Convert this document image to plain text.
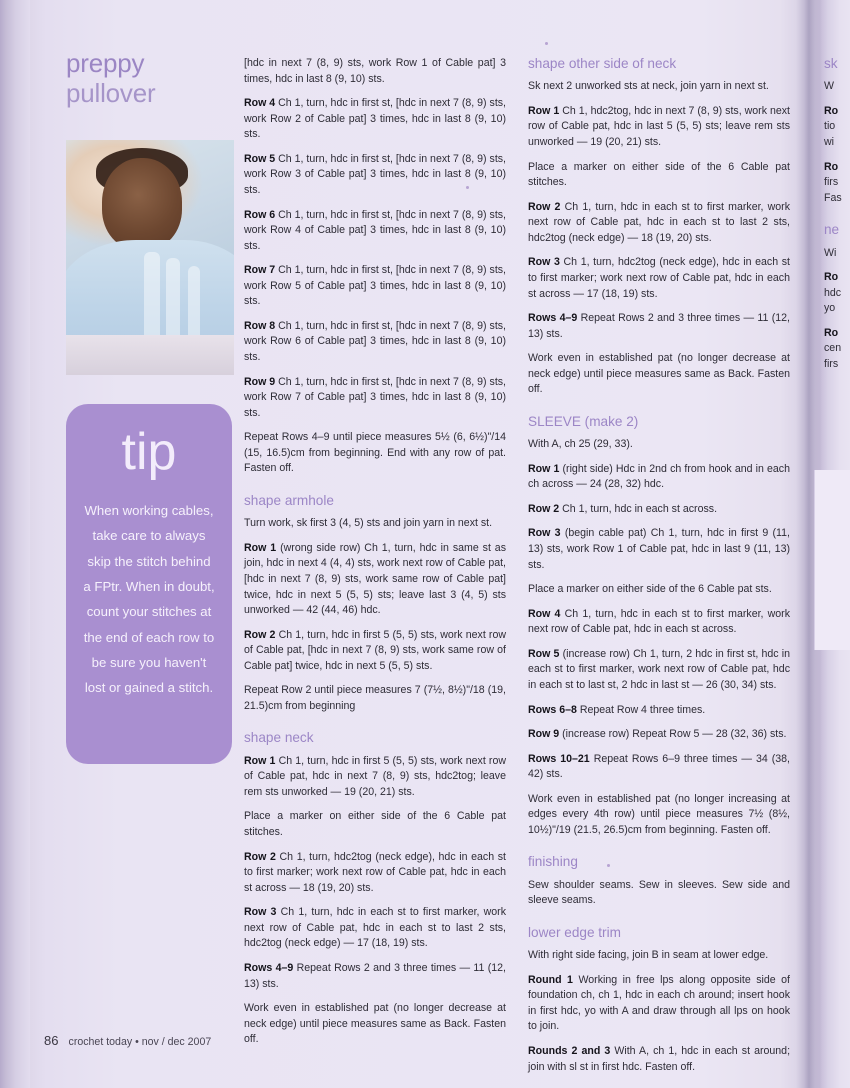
preppy
pullover
tip
When working cables, take care to always skip the stitch behind a FPtr. When in doubt, count your stitches at the end of each row to be sure you haven't lost or gained a stitch.

[hdc in next 7 (8, 9) sts, work Row 1 of Cable pat] 3 times, hdc in last 8 (9, 10) sts.

Row 4 Ch 1, turn, hdc in first st, [hdc in next 7 (8, 9) sts, work Row 2 of Cable pat] 3 times, hdc in last 8 (9, 10) sts.

Row 5 Ch 1, turn, hdc in first st, [hdc in next 7 (8, 9) sts, work Row 3 of Cable pat] 3 times, hdc in last 8 (9, 10) sts.

Row 6 Ch 1, turn, hdc in first st, [hdc in next 7 (8, 9) sts, work Row 4 of Cable pat] 3 times, hdc in last 8 (9, 10) sts.

Row 7 Ch 1, turn, hdc in first st, [hdc in next 7 (8, 9) sts, work Row 5 of Cable pat] 3 times, hdc in last 8 (9, 10) sts.

Row 8 Ch 1, turn, hdc in first st, [hdc in next 7 (8, 9) sts, work Row 6 of Cable pat] 3 times, hdc in last 8 (9, 10) sts.

Row 9 Ch 1, turn, hdc in first st, [hdc in next 7 (8, 9) sts, work Row 7 of Cable pat] 3 times, hdc in last 8 (9, 10) sts.

Repeat Rows 4–9 until piece measures 5½ (6, 6½)"/14 (15, 16.5)cm from beginning. End with any row of pat. Fasten off.

shape armhole

Turn work, sk first 3 (4, 5) sts and join yarn in next st.

Row 1 (wrong side row) Ch 1, turn, hdc in same st as join, hdc in next 4 (4, 4) sts, work next row of Cable pat, [hdc in next 7 (8, 9) sts, work same row of Cable pat] twice, hdc in next 5 (5, 5) sts; leave last 3 (4, 5) sts unworked — 42 (44, 46) hdc.

Row 2 Ch 1, turn, hdc in first 5 (5, 5) sts, work next row of Cable pat, [hdc in next 7 (8, 9) sts, work same row of Cable pat] twice, hdc in next 5 (5, 5) sts.

Repeat Row 2 until piece measures 7 (7½, 8½)"/18 (19, 21.5)cm from beginning

shape neck

Row 1 Ch 1, turn, hdc in first 5 (5, 5) sts, work next row of Cable pat, hdc in next 7 (8, 9) sts, hdc2tog; leave rem sts unworked — 19 (20, 21) sts.

Place a marker on either side of the 6 Cable pat stitches.

Row 2 Ch 1, turn, hdc2tog (neck edge), hdc in each st to first marker; work next row of Cable pat, hdc in each st across — 18 (19, 20) sts.

Row 3 Ch 1, turn, hdc in each st to first marker, work next row of Cable pat, hdc in each st to last 2 sts, hdc2tog (neck edge) — 17 (18, 19) sts.

Rows 4–9 Repeat Rows 2 and 3 three times — 11 (12, 13) sts.

Work even in established pat (no longer decrease at neck edge) until piece measures same as Back. Fasten off.

shape other side of neck

Sk next 2 unworked sts at neck, join yarn in next st.

Row 1 Ch 1, hdc2tog, hdc in next 7 (8, 9) sts, work next row of Cable pat, hdc in last 5 (5, 5) sts; leave rem sts unworked — 19 (20, 21) sts.

Place a marker on either side of the 6 Cable pat stitches.

Row 2 Ch 1, turn, hdc in each st to first marker, work next row of Cable pat, hdc in each st to last 2 sts, hdc2tog (neck edge) — 18 (19, 20) sts.

Row 3 Ch 1, turn, hdc2tog (neck edge), hdc in each st to first marker; work next row of Cable pat, hdc in each st across — 17 (18, 19) sts.

Rows 4–9 Repeat Rows 2 and 3 three times — 11 (12, 13) sts.

Work even in established pat (no longer decrease at neck edge) until piece measures same as Back. Fasten off.

SLEEVE (make 2)

With A, ch 25 (29, 33).

Row 1 (right side) Hdc in 2nd ch from hook and in each ch across — 24 (28, 32) hdc.

Row 2 Ch 1, turn, hdc in each st across.

Row 3 (begin cable pat) Ch 1, turn, hdc in first 9 (11, 13) sts, work Row 1 of Cable pat, hdc in last 9 (11, 13) sts.

Place a marker on either side of the 6 Cable pat sts.

Row 4 Ch 1, turn, hdc in each st to first marker, work next row of Cable pat, hdc in each st across.

Row 5 (increase row) Ch 1, turn, 2 hdc in first st, hdc in each st to first marker, work next row of Cable pat, hdc in each st to last st, 2 hdc in last st — 26 (30, 34) sts.

Rows 6–8 Repeat Row 4 three times.

Row 9 (increase row) Repeat Row 5 — 28 (32, 36) sts.

Rows 10–21 Repeat Rows 6–9 three times — 34 (38, 42) sts.

Work even in established pat (no longer increasing at edges every 4th row) until piece measures 7½ (8½, 10½)"/19 (21.5, 26.5)cm from beginning. Fasten off.

finishing

Sew shoulder seams. Sew in sleeves. Sew side and sleeve seams.

lower edge trim

With right side facing, join B in seam at lower edge.

Round 1 Working in free lps along opposite side of foundation ch, ch 1, hdc in each ch around; insert hook in first hdc, yo with A and draw through all lps on hook to join.

Rounds 2 and 3 With A, ch 1, hdc in each st around; join with sl st in first hdc. Fasten off.

sk

W

Ro
tio
wi

Ro
firs
Fas

ne

Wi

Ro
hdc
yo

Ro
cen
firs

86 crochet today • nov / dec 2007
